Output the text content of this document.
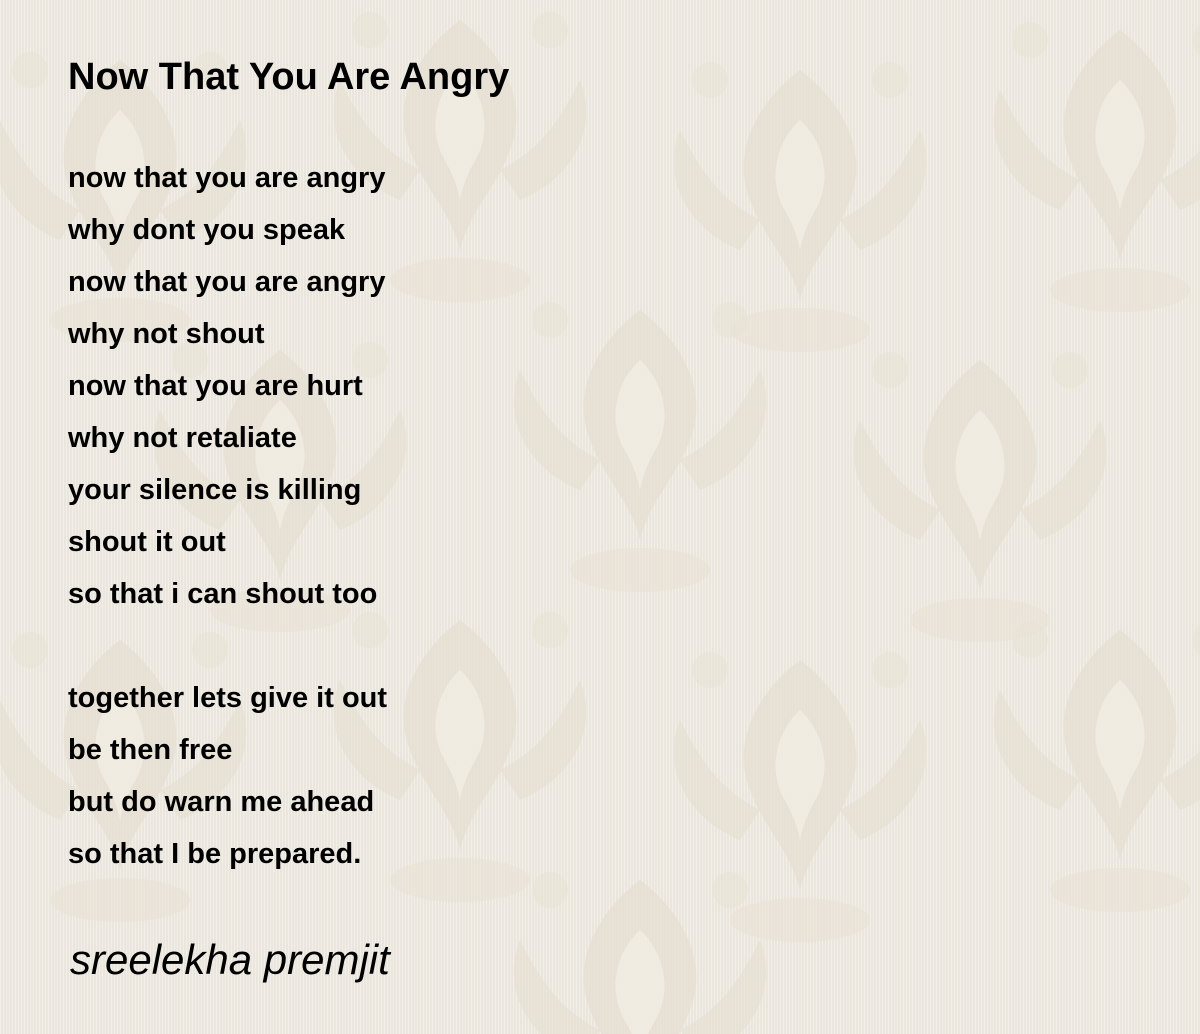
Now That You Are Angry

now that you are angry
why dont you speak
now that you are angry
why not shout
now that you are hurt
why not retaliate
your silence is killing
shout it out
so that i can shout too

together lets give it out
be then free
but do warn me ahead
so that I be prepared.

sreelekha premjit
